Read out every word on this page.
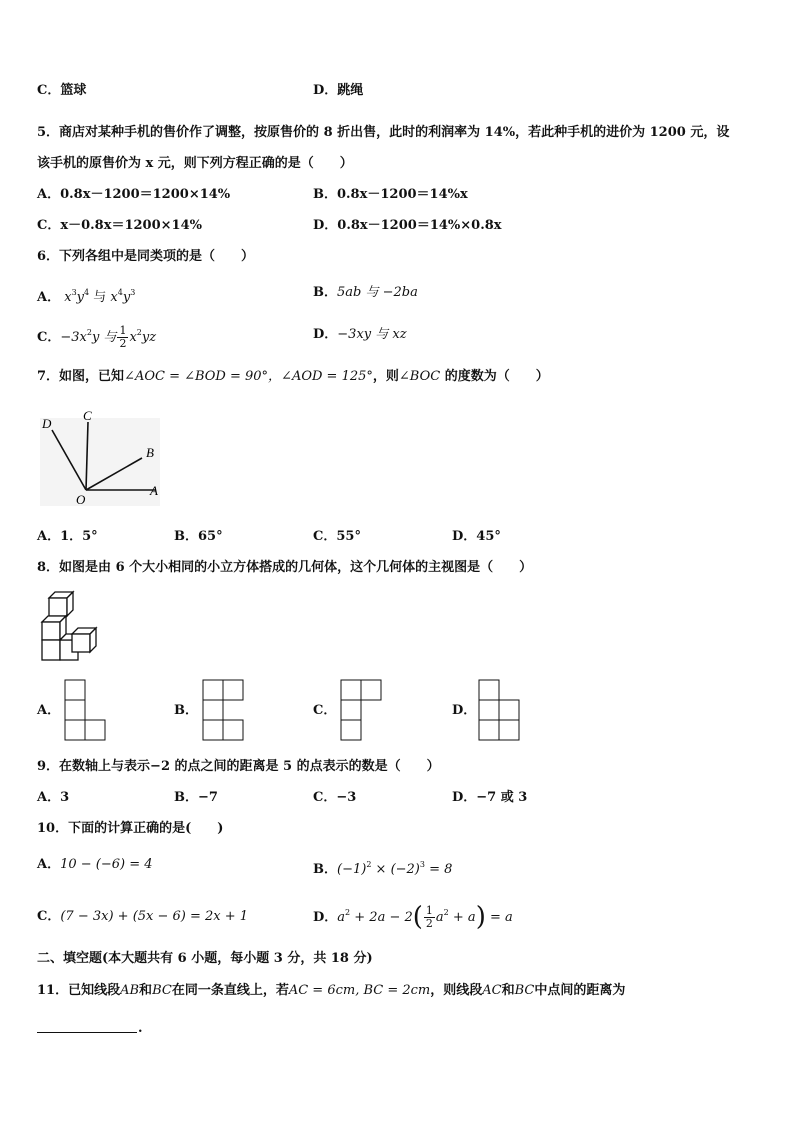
C．篮球	D．跳绳
5．商店对某种手机的售价作了调整，按原售价的 8 折出售，此时的利润率为 14%，若此种手机的进价为 1200 元，设
该手机的原售价为 x 元，则下列方程正确的是（　　）
A．0.8x－1200＝1200×14%	B．0.8x－1200＝14%x
C．x－0.8x＝1200×14%	D．0.8x－1200＝14%×0.8x
6．下列各组中是同类项的是（　　）
A． $x^3y^4$ 与 $x^4y^3$	B．5ab 与 −2ba
C．$-3x^2y$ 与 $\frac{1}{2} x^2yz$	D．−3xy 与 xz
7．如图，已知∠AOC = ∠BOD = 90°，∠AOD = 125°，则∠BOC 的度数为（　　）
D
C
B
O
A
A．1．5°	B．65°	C．55°	D．45°
8．如图是由 6 个大小相同的小立方体搭成的几何体，这个几何体的主视图是（　　）
A．	B．	C．	D．
9．在数轴上与表示−2 的点之间的距离是 5 的点表示的数是（　　）
A．3	B．−7	C．−3	D．−7 或 3
10．下面的计算正确的是(　　)
A．10 − (−6) = 4	B．$(-1)^2 \times (-2)^3 = 8$
C．(7 − 3x) + (5x − 6) = 2x + 1	D．$a^2 + 2a - 2( \frac{1}{2} a^2 + a) = a$
二、填空题(本大题共有 6 小题，每小题 3 分，共 18 分)
11．已知线段AB和BC在同一条直线上，若AC = 6cm, BC = 2cm，则线段AC和BC中点间的距离为
.
